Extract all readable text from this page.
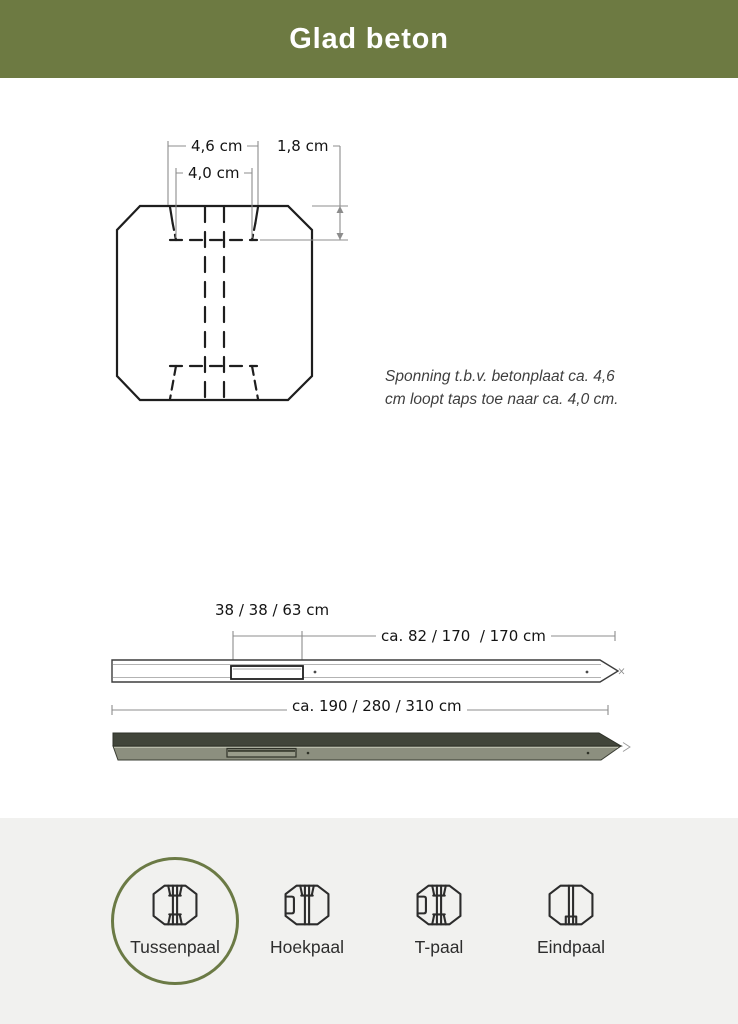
Glad beton
4,6 cm
4,0 cm
1,8 cm
Sponning t.b.v. betonplaat ca. 4,6
cm loopt taps toe naar ca. 4,0 cm.
38 / 38 / 63 cm
ca. 82 / 170  / 170 cm
ca. 190 / 280 / 310 cm
Tussenpaal	Hoekpaal	T-paal	Eindpaal
